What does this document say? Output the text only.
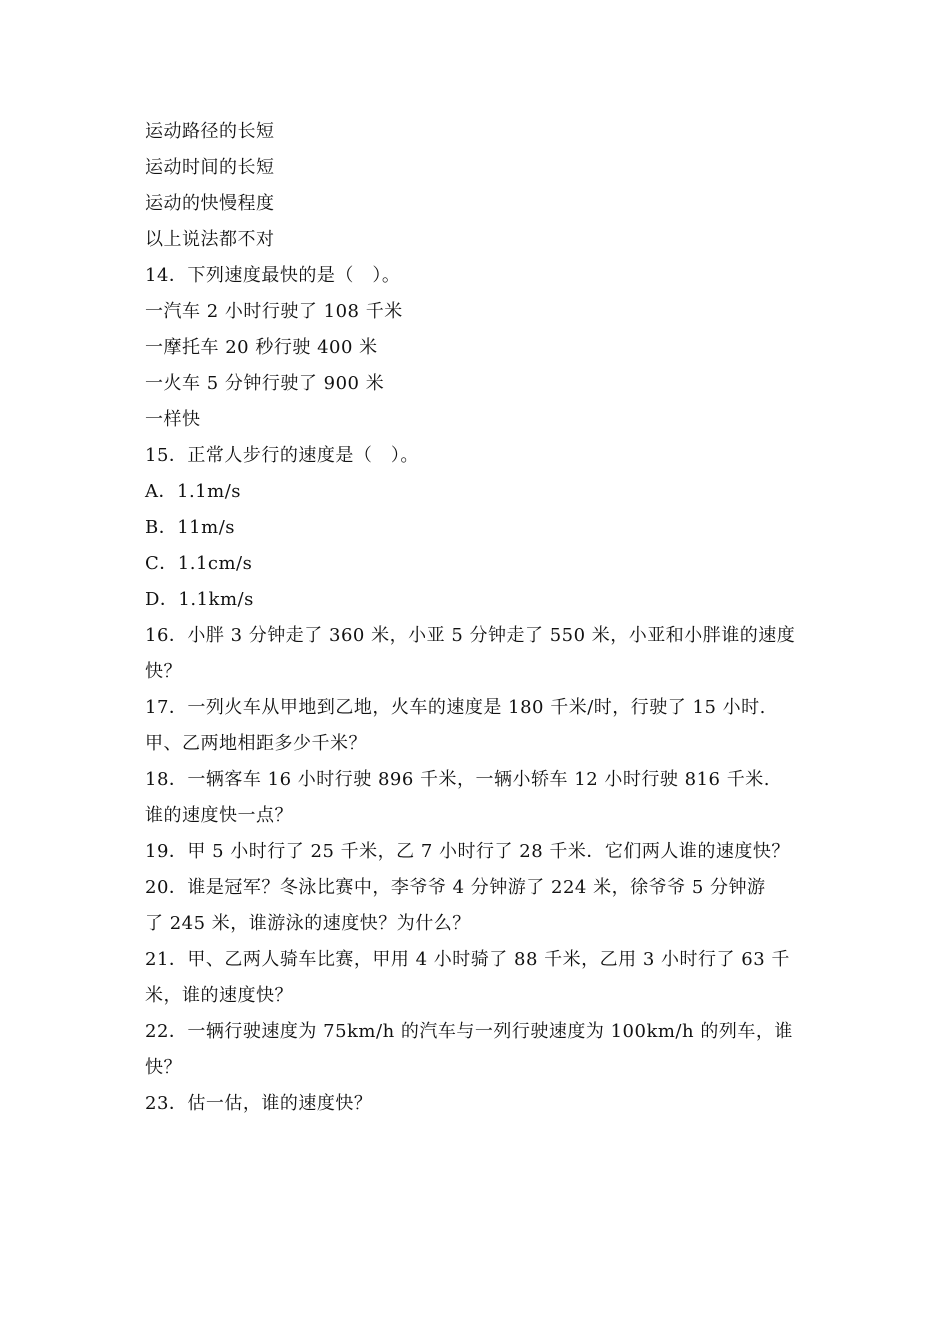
运动路径的长短
运动时间的长短
运动的快慢程度
以上说法都不对
14．下列速度最快的是（　）。
一汽车 2 小时行驶了 108 千米
一摩托车 20 秒行驶 400 米
一火车 5 分钟行驶了 900 米
一样快
15．正常人步行的速度是（　）。
A．1.1m/s
B．11m/s
C．1.1cm/s
D．1.1km/s
16．小胖 3 分钟走了 360 米，小亚 5 分钟走了 550 米，小亚和小胖谁的速度
快？
17．一列火车从甲地到乙地，火车的速度是 180 千米/时，行驶了 15 小时.
甲、乙两地相距多少千米？
18．一辆客车 16 小时行驶 896 千米，一辆小轿车 12 小时行驶 816 千米.
谁的速度快一点？
19．甲 5 小时行了 25 千米，乙 7 小时行了 28 千米．它们两人谁的速度快？
20．谁是冠军？冬泳比赛中，李爷爷 4 分钟游了 224 米，徐爷爷 5 分钟游
了 245 米，谁游泳的速度快？为什么？
21．甲、乙两人骑车比赛，甲用 4 小时骑了 88 千米，乙用 3 小时行了 63 千
米，谁的速度快？
22．一辆行驶速度为 75km/h 的汽车与一列行驶速度为 100km/h 的列车，谁
快？
23．估一估，谁的速度快？
